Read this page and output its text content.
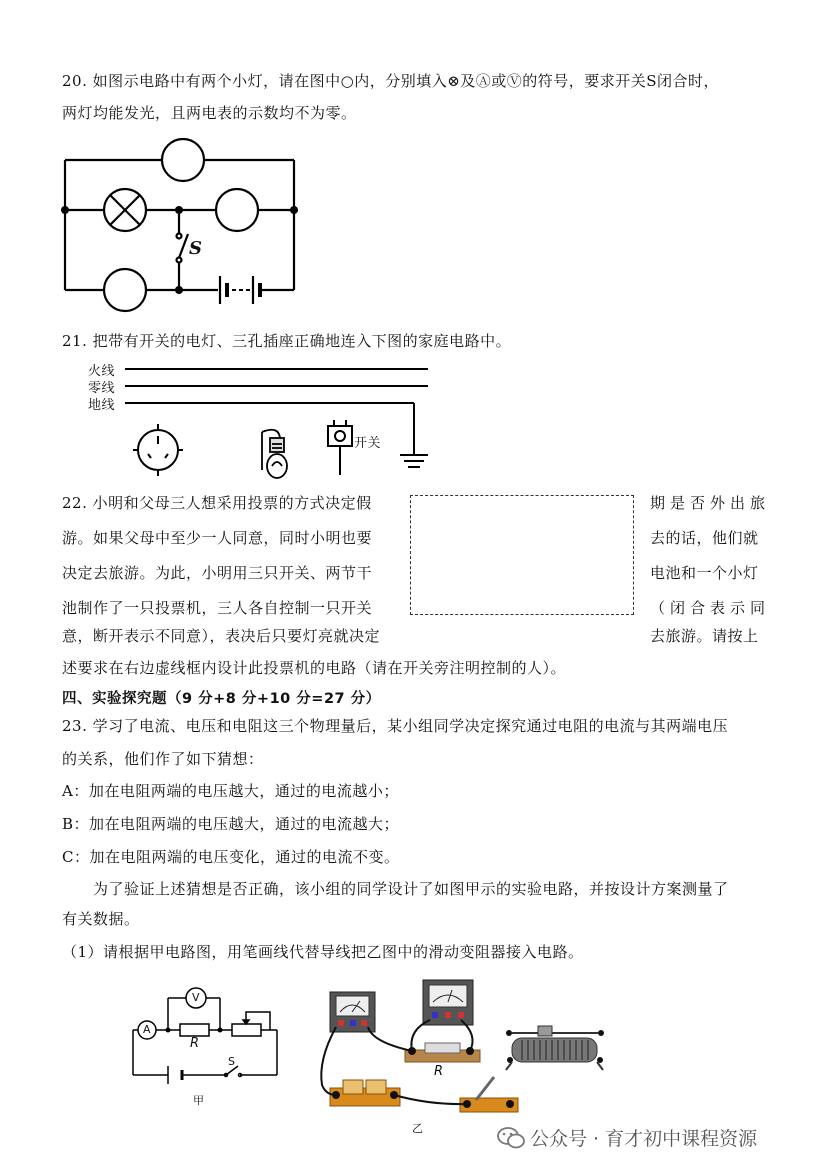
20. 如图示电路中有两个小灯，请在图中○内，分别填入⊗及Ⓐ或Ⓥ的符号，要求开关S闭合时，
两灯均能发光，且两电表的示数均不为零。
S
21. 把带有开关的电灯、三孔插座正确地连入下图的家庭电路中。
火线
零线
地线
开关
22. 小明和父母三人想采用投票的方式决定假	期是否外出旅
游。如果父母中至少一人同意，同时小明也要	去的话，他们就
决定去旅游。为此，小明用三只开关、两节干	电池和一个小灯
池制作了一只投票机，三人各自控制一只开关	（闭合表示同
意，断开表示不同意），表决后只要灯亮就决定	去旅游。请按上
述要求在右边虚线框内设计此投票机的电路（请在开关旁注明控制的人）。
四、实验探究题（9 分+8 分+10 分=27 分）
23. 学习了电流、电压和电阻这三个物理量后，某小组同学决定探究通过电阻的电流与其两端电压
的关系，他们作了如下猜想：
A：加在电阻两端的电压越大，通过的电流越小；
B：加在电阻两端的电压越大，通过的电流越大；
C：加在电阻两端的电压变化，通过的电流不变。
为了验证上述猜想是否正确，该小组的同学设计了如图甲示的实验电路，并按设计方案测量了
有关数据。
（1）请根据甲电路图，用笔画线代替导线把乙图中的滑动变阻器接入电路。
V
A
R
S
甲
R
乙	公众号 · 育才初中课程资源
